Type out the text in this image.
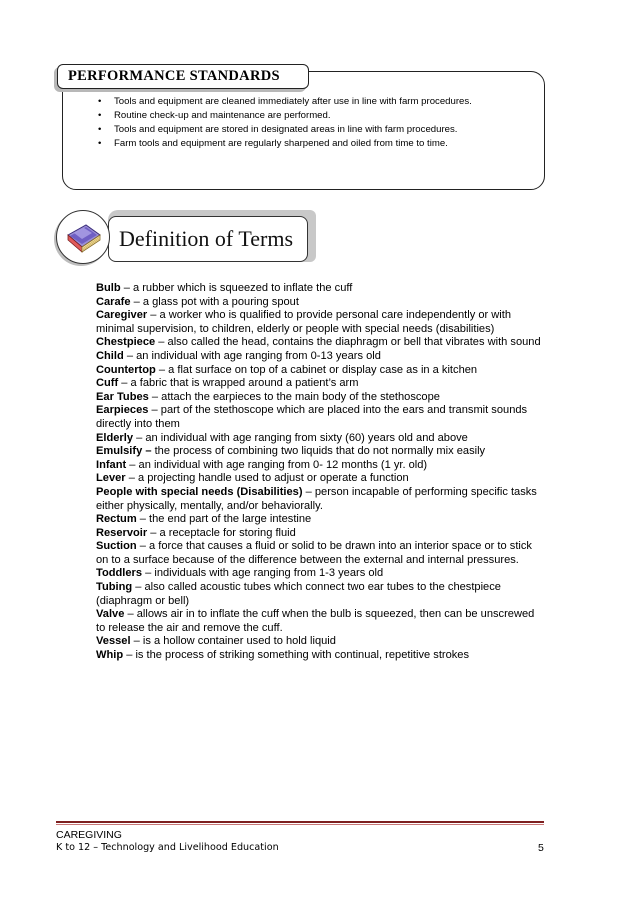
PERFORMANCE STANDARDS
• Tools and equipment are cleaned immediately after use in line with farm procedures.
• Routine check-up and maintenance are performed.
• Tools and equipment are stored in designated areas in line with farm procedures.
• Farm tools and equipment are regularly sharpened and oiled from time to time.
Definition of Terms

Bulb – a rubber which is squeezed to inflate the cuff

Carafe – a glass pot with a pouring spout

Caregiver – a worker who is qualified to provide personal care independently or with minimal supervision, to children, elderly or people with special needs (disabilities)

Chestpiece – also called the head, contains the diaphragm or bell that vibrates with sound

Child – an individual with age ranging from 0-13 years old

Countertop – a flat surface on top of a cabinet or display case as in a kitchen

Cuff – a fabric that is wrapped around a patient’s arm

Ear Tubes – attach the earpieces to the main body of the stethoscope

Earpieces – part of the stethoscope which are placed into the ears and transmit sounds directly into them

Elderly – an individual with age ranging from sixty (60) years old and above

Emulsify – the process of combining two liquids that do not normally mix easily

Infant – an individual with age ranging from 0- 12 months (1 yr. old)

Lever – a projecting handle used to adjust or operate a function

People with special needs (Disabilities) – person incapable of performing specific tasks either physically, mentally, and/or behaviorally.

Rectum – the end part of the large intestine

Reservoir – a receptacle for storing fluid

Suction – a force that causes a fluid or solid to be drawn into an interior space or to stick on to a surface because of the difference between the external and internal pressures.

Toddlers – individuals with age ranging from 1-3 years old

Tubing – also called acoustic tubes which connect two ear tubes to the chestpiece (diaphragm or bell)

Valve – allows air in to inflate the cuff when the bulb is squeezed, then can be unscrewed to release the air and remove the cuff.

Vessel – is a hollow container used to hold liquid

Whip – is the process of striking something with continual, repetitive strokes

CAREGIVING
K to 12 – Technology and Livelihood Education	5
